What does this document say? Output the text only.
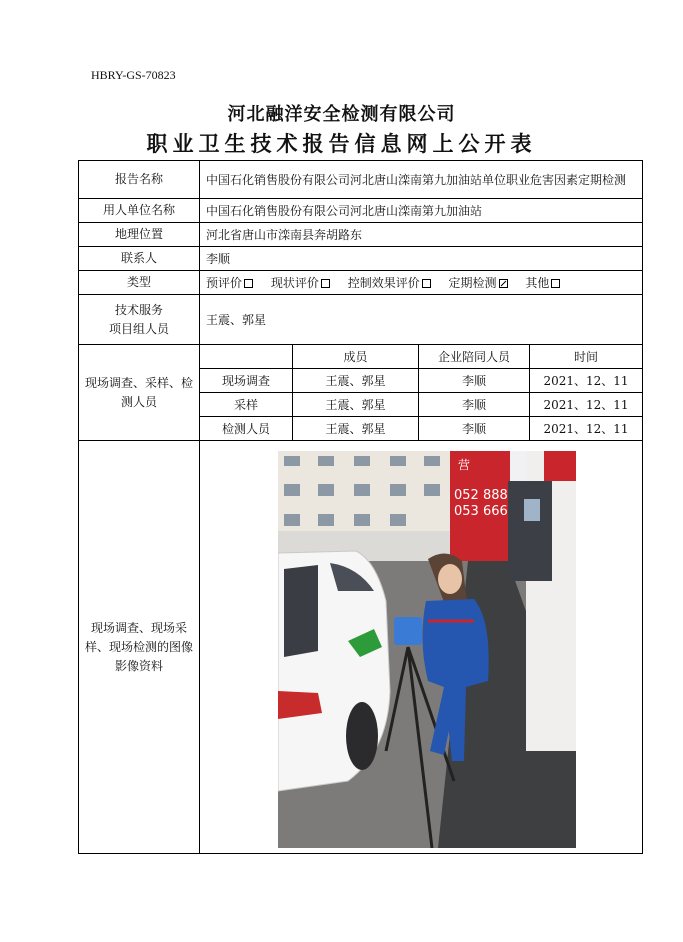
HBRY-GS-70823
河北融洋安全检测有限公司
职业卫生技术报告信息网上公开表
报告名称	中国石化销售股份有限公司河北唐山滦南第九加油站单位职业危害因素定期检测			
用人单位名称	中国石化销售股份有限公司河北唐山滦南第九加油站			
地理位置	河北省唐山市滦南县奔胡路东			
联系人	李顺			
类型	预评价 现状评价 控制效果评价 定期检测 其他			

技术服务
项目组人员	王震、郭星			
现场调查、采样、检测人员		成员	企业陪同人员	时间
	现场调查	王震、郭星	李顺	2021、12、11
	采样	王震、郭星	李顺	2021、12、11
	检测人员	王震、郭星	李顺	2021、12、11
现场调查、现场采样、现场检测的图像影像资料	营
052 888
053 666			
